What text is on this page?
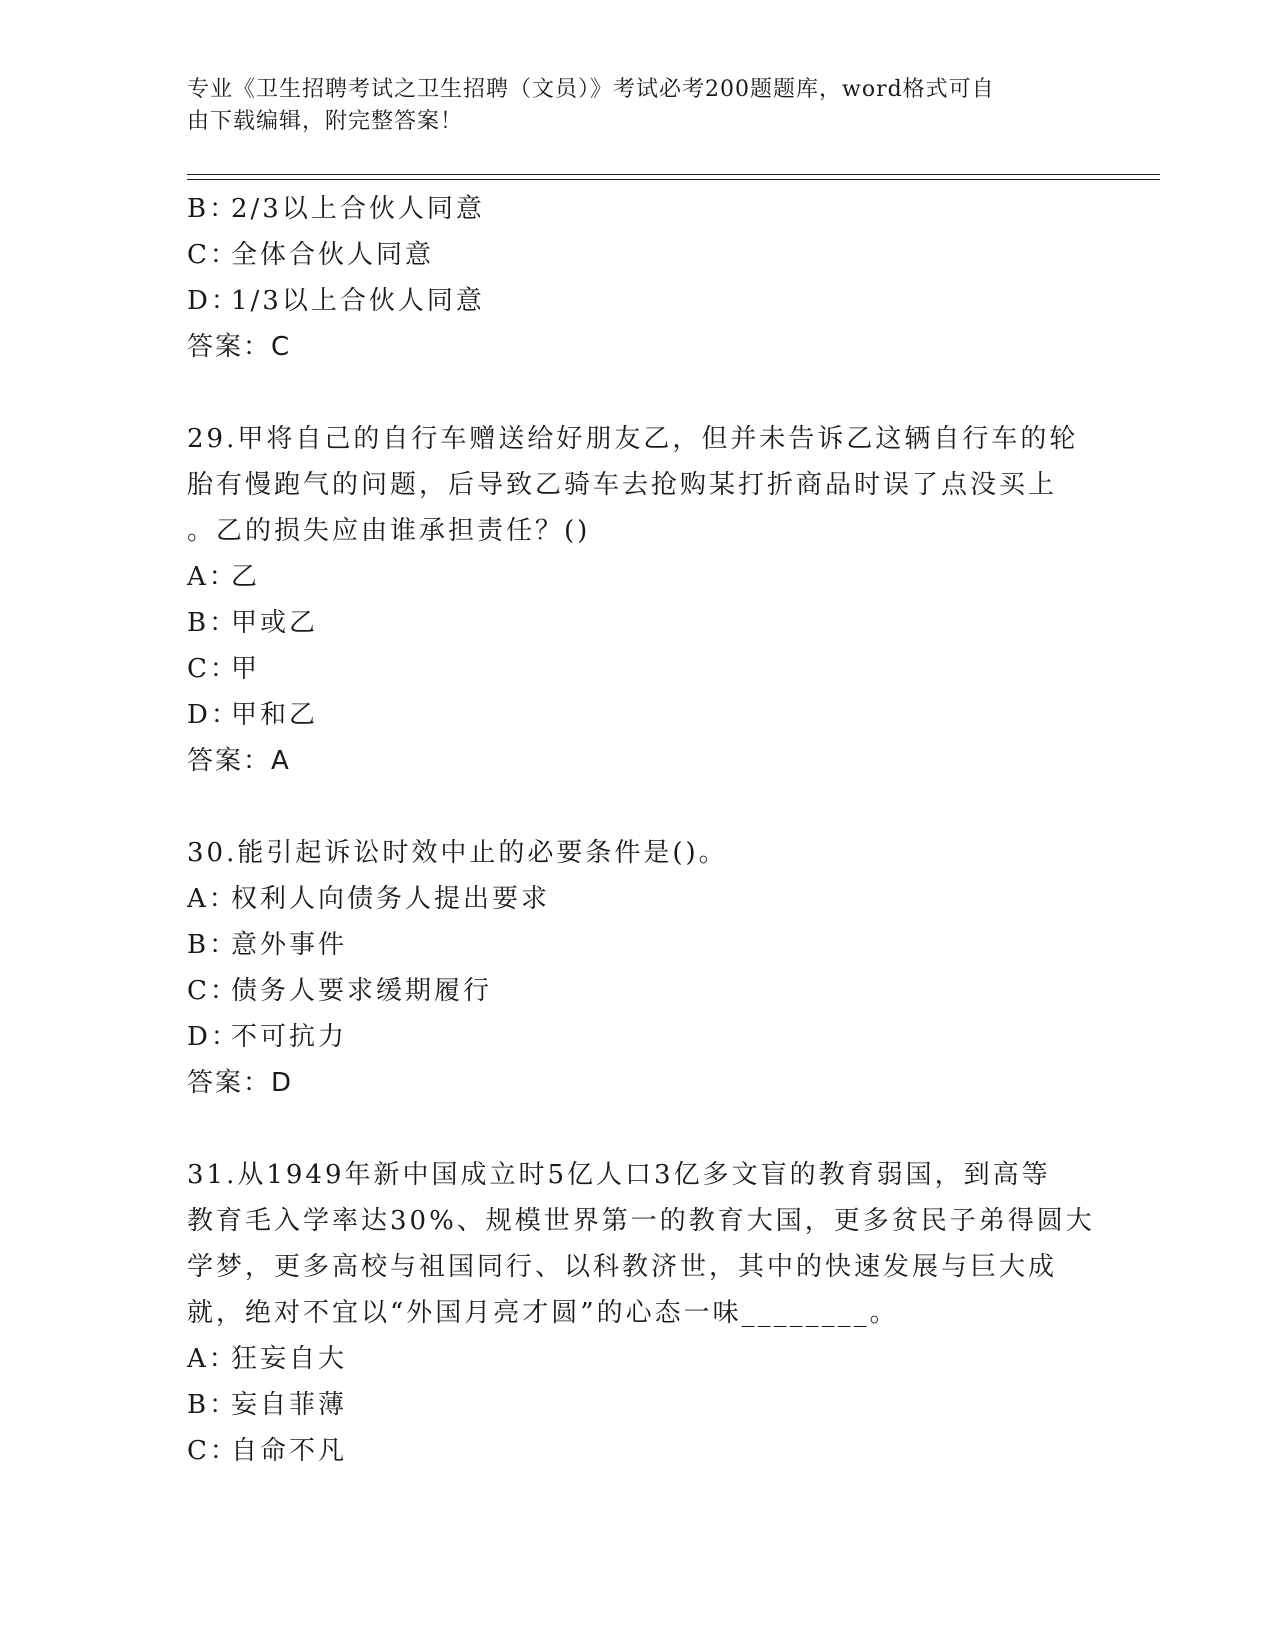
专业《卫生招聘考试之卫生招聘（文员）》考试必考200题题库，word格式可自
由下载编辑，附完整答案！
B：2/3以上合伙人同意
C：全体合伙人同意
D：1/3以上合伙人同意
答案：C
29.甲将自己的自行车赠送给好朋友乙，但并未告诉乙这辆自行车的轮
胎有慢跑气的问题，后导致乙骑车去抢购某打折商品时误了点没买上
。乙的损失应由谁承担责任？()
A：乙
B：甲或乙
C：甲
D：甲和乙
答案：A
30.能引起诉讼时效中止的必要条件是()。
A：权利人向债务人提出要求
B：意外事件
C：债务人要求缓期履行
D：不可抗力
答案：D
31.从1949年新中国成立时5亿人口3亿多文盲的教育弱国，到高等
教育毛入学率达30%、规模世界第一的教育大国，更多贫民子弟得圆大
学梦，更多高校与祖国同行、以科教济世，其中的快速发展与巨大成
就，绝对不宜以“外国月亮才圆”的心态一味________。
A：狂妄自大
B：妄自菲薄
C：自命不凡
